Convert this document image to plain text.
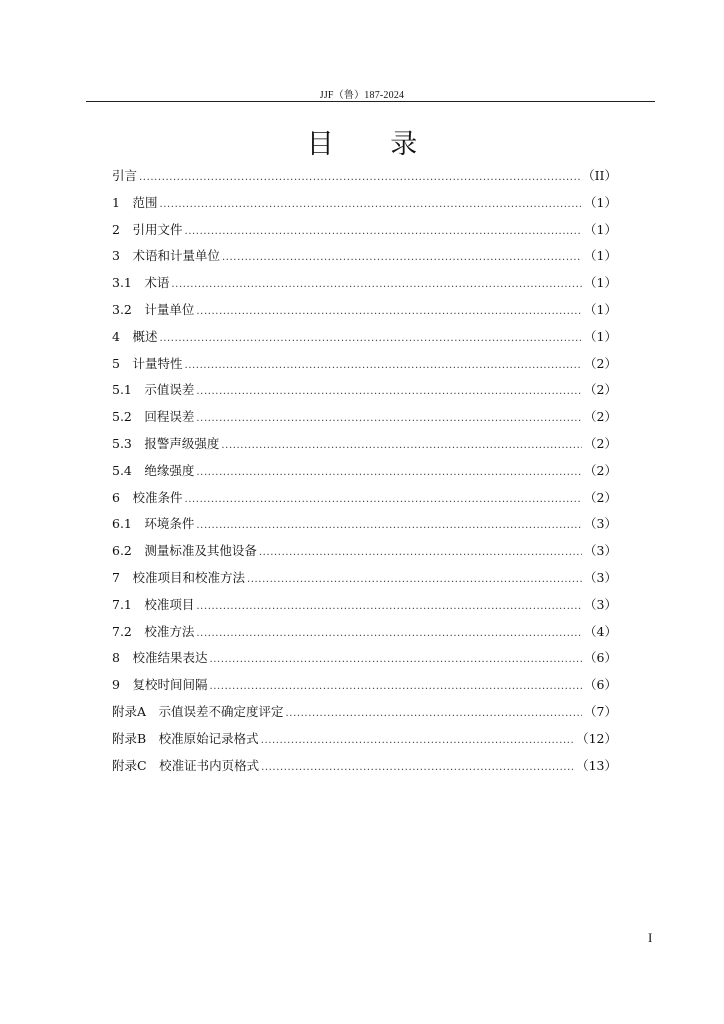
JJF（鲁）187-2024
目 录
引言 .....	（II）
1　范围 .....	（1）
2　引用文件 .....	（1）
3　术语和计量单位 .....	（1）
3.1　术语 .....	（1）
3.2　计量单位 .....	（1）
4　概述 .....	（1）
5　计量特性 .....	（2）
5.1　示值误差 .....	（2）
5.2　回程误差 .....	（2）
5.3　报警声级强度 .....	（2）
5.4　绝缘强度 .....	（2）
6　校准条件 .....	（2）
6.1　环境条件 .....	（3）
6.2　测量标准及其他设备 .....	（3）
7　校准项目和校准方法 .....	（3）
7.1　校准项目 .....	（3）
7.2　校准方法 .....	（4）
8　校准结果表达 .....	（6）
9　复校时间间隔 .....	（6）
附录A　示值误差不确定度评定 .....	（7）
附录B　校准原始记录格式 .....	（12）
附录C　校准证书内页格式 .....	（13）
I
